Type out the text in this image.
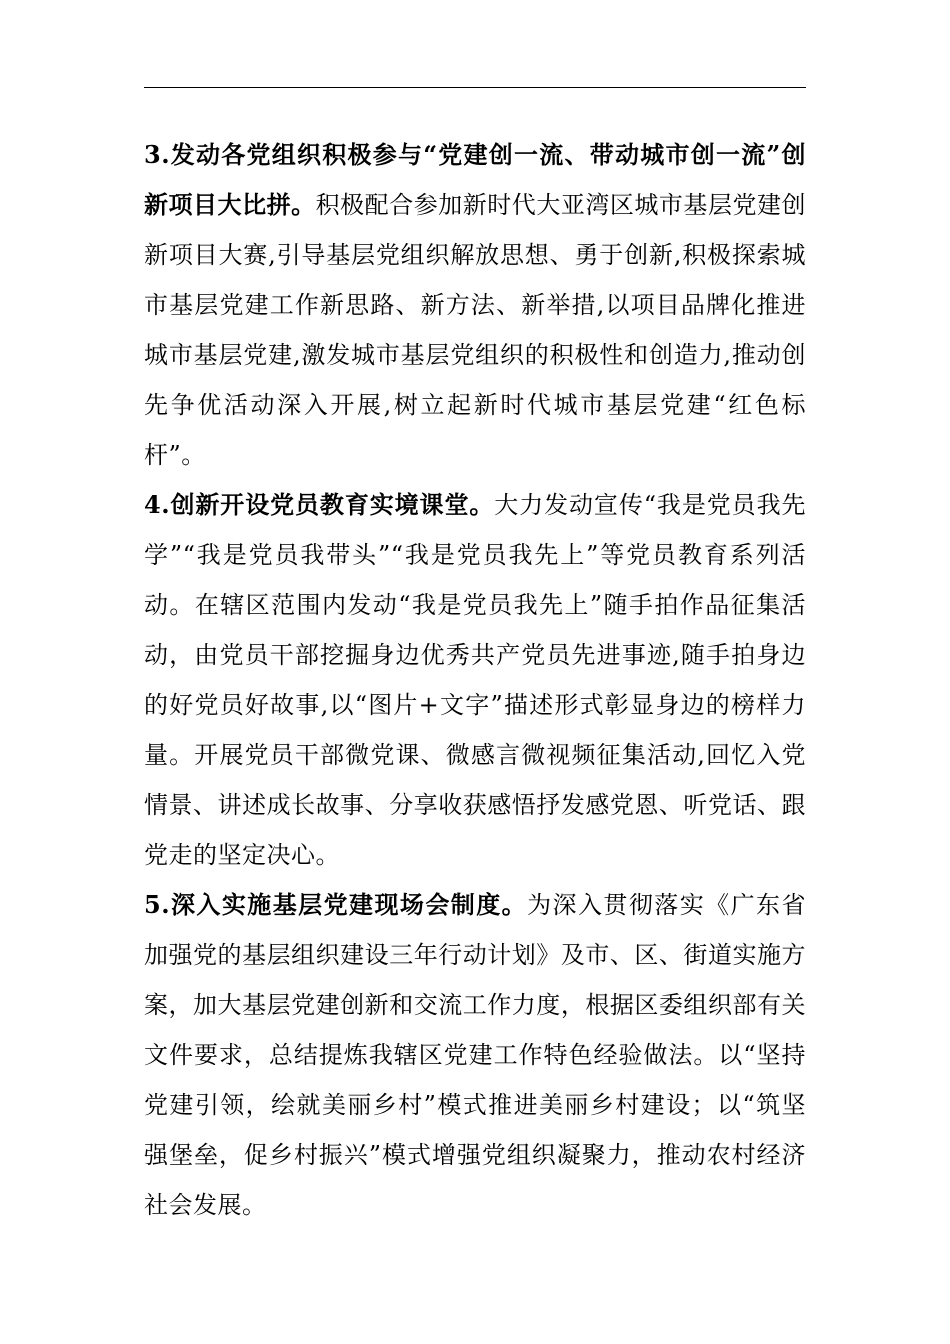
3.发动各党组织积极参与“党建创一流、带动城市创一流”创新项目大比拼。积极配合参加新时代大亚湾区城市基层党建创新项目大赛,引导基层党组织解放思想、勇于创新,积极探索城市基层党建工作新思路、新方法、新举措,以项目品牌化推进城市基层党建,激发城市基层党组织的积极性和创造力,推动创先争优活动深入开展,树立起新时代城市基层党建“红色标杆”。

4.创新开设党员教育实境课堂。大力发动宣传“我是党员我先学”“我是党员我带头”“我是党员我先上”等党员教育系列活动。在辖区范围内发动“我是党员我先上”随手拍作品征集活动，由党员干部挖掘身边优秀共产党员先进事迹,随手拍身边的好党员好故事,以“图片+文字”描述形式彰显身边的榜样力量。开展党员干部微党课、微感言微视频征集活动,回忆入党情景、讲述成长故事、分享收获感悟抒发感党恩、听党话、跟党走的坚定决心。

5.深入实施基层党建现场会制度。为深入贯彻落实《广东省加强党的基层组织建设三年行动计划》及市、区、街道实施方案，加大基层党建创新和交流工作力度，根据区委组织部有关文件要求，总结提炼我辖区党建工作特色经验做法。以“坚持党建引领，绘就美丽乡村”模式推进美丽乡村建设；以“筑坚强堡垒，促乡村振兴”模式增强党组织凝聚力，推动农村经济社会发展。
